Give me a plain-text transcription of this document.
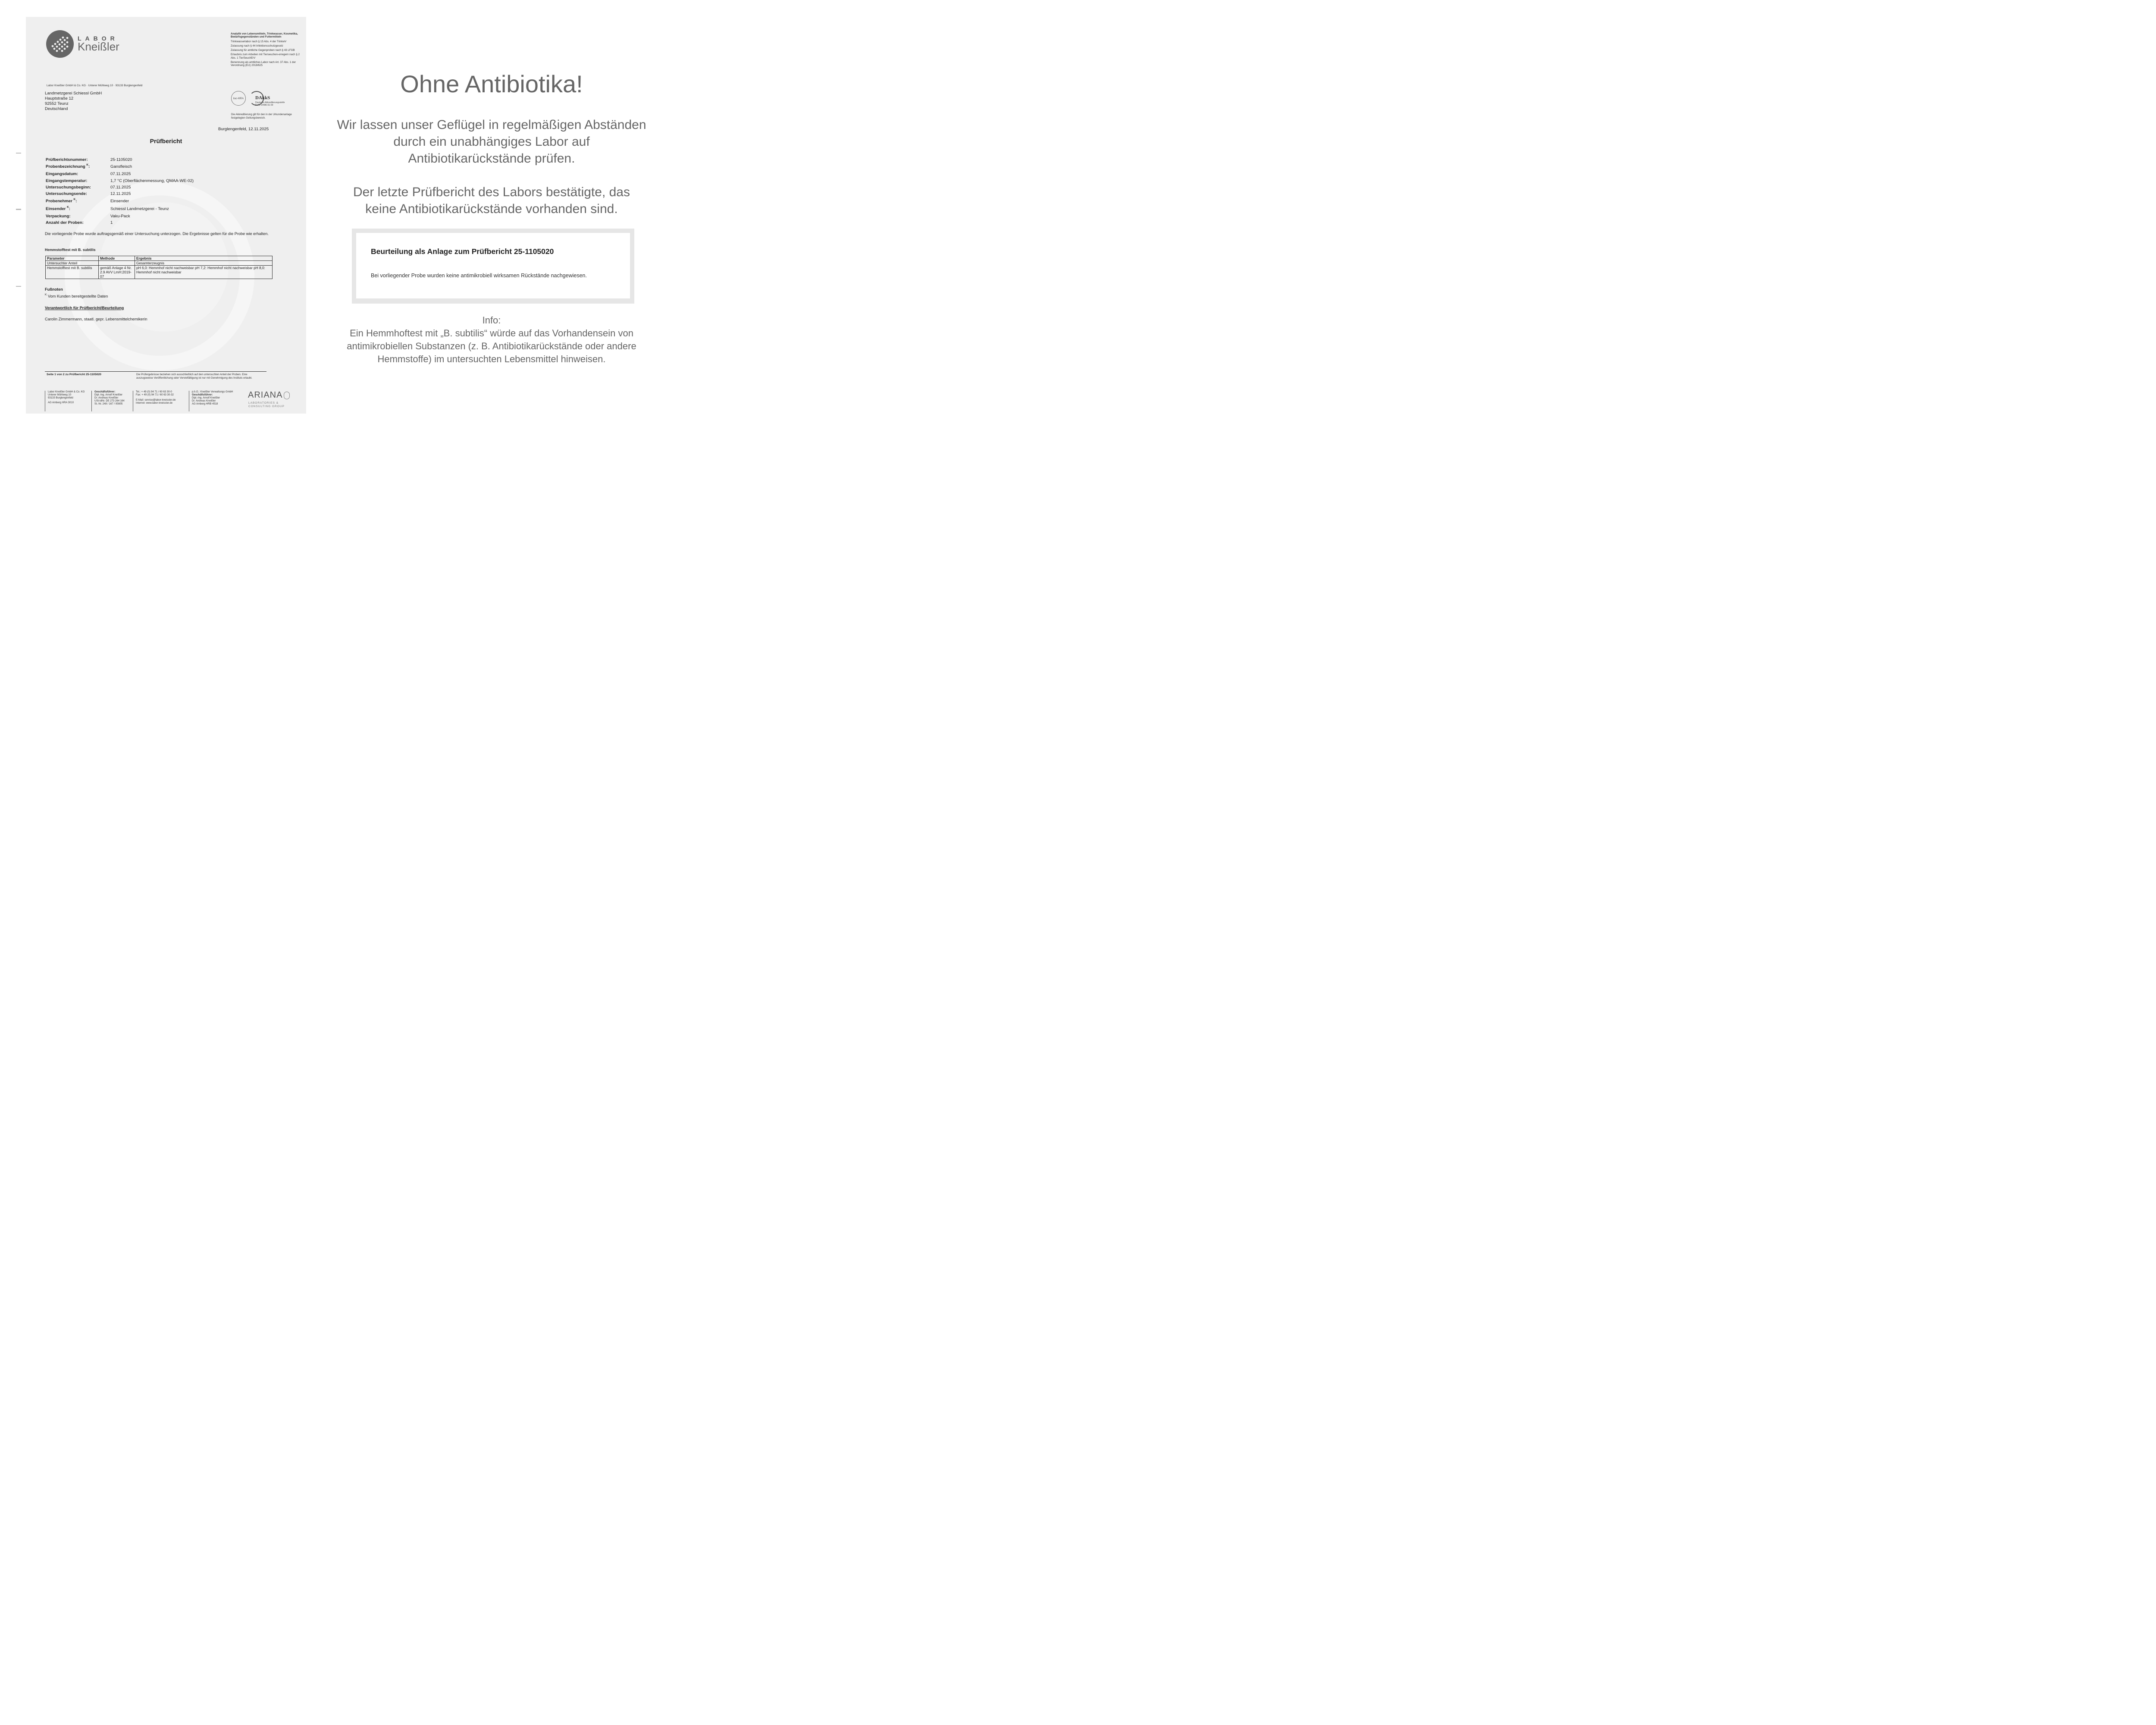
LABOR
Kneißler

Analytik von Lebensmitteln, Trinkwasser, Kosmetika, Bedarfsgegenständen und Futtermitteln

Trinkwasserlabor nach § 15 Abs. 4 der TrinkwV

Zulassung nach § 44 Infektionsschutzgesetz

Zulassung für amtliche Gegenproben nach § 43 LFGB

Erlaubnis zum Arbeiten mit Tierseuchen-erregern nach § 2 Abs. 1 TierSeuchErV

Benennung als amtliches Labor nach Art. 37 Abs. 1 der Verordnung (EU) 2018/625

ilac-MRA	DAkkS
Deutsche Akkreditierungsstelle D-PL-14486-01-00
Die Akkreditierung gilt für den in der Urkundenanlage festgelegten Geltungsbereich.
Labor Kneißler GmbH & Co. KG · Unterer Mühlweg 10 · 93133 Burglengenfeld
Landmetzgerei Schiessl GmbH
Hauptstraße 12
92552 Teunz
Deutschland
Burglengenfeld, 12.11.2025
Prüfbericht
Prüfberichtsnummer:	25-1105020
Probenbezeichnung $^K$:	Gansfleisch
Eingangsdatum:	07.11.2025
Eingangstemperatur:	1,7 °C (Oberflächenmessung, QMAA-WE-02)
Untersuchungsbeginn:	07.11.2025
Untersuchungsende:	12.11.2025
Probenehmer $^K$:	Einsender
Einsender $^K$:	Schiessl Landmetzgerei - Teunz
Verpackung:	Vaku-Pack
Anzahl der Proben:	1
Die vorliegende Probe wurde auftragsgemäß einer Untersuchung unterzogen. Die Ergebnisse gelten für die Probe wie erhalten.
Hemmstofftest mit B. subtilis
Parameter	Methode	Ergebnis
Untersuchter Anteil		Gesamterzeugnis
Hemmstofftest mit B. subtilis	gemäß Anlage 4 Nr. 2.9 AVV LmH:2019-07	pH 6,0: Hemmhof nicht nachweisbar pH 7,2: Hemmhof nicht nachweisbar pH 8,0: Hemmhof nicht nachweisbar
Fußnoten
$^K$ Vom Kunden bereitgestellte Daten
Verantwortlich für Prüfbericht/Beurteilung
Carolin Zimmermann, staatl. gepr. Lebensmittelchemikerin
Seite 1 von 2 zu Prüfbericht 25-1105020	Die Prüfergebnisse beziehen sich ausschließlich auf den untersuchten Anteil der Proben. Eine auszugsweise Veröffentlichung oder Vervielfältigung ist nur mit Genehmigung des Instituts erlaubt.
Labor Kneißler GmbH & Co. KG
Unterer Mühlweg 10
93133 Burglengenfeld
AG Amberg HRA 3010
Geschäftsführer:
Dipl.-Ing. Arnolf Kneißler
Dr. Andreas Kneißler
USt-IdNr. DE 273 264 164
St.-Nr. 248 / 167 / 00805
Tel.: + 49 (0) 94 71 / 60 63 30-0
Fax: + 49 (0) 94 71 / 60 63 30-32
E-Mail: service@labor-kneissler.de
Internet: www.labor-kneissler.de
p.h.G.: Kneißler Verwaltungs GmbH
Geschäftsführer:
Dipl.-Ing. Arnolf Kneißler
Dr. Andreas Kneißler
AG Amberg HRB 4518
ARIANA
LABORATORIES &
CONSULTING GROUP
Ohne Antibiotika!
Wir lassen unser Geflügel in regelmäßigen Abständen durch ein unabhängiges Labor auf Antibiotikarückstände prüfen.
Der letzte Prüfbericht des Labors bestätigte, das keine Antibiotikarückstände vorhanden sind.
Beurteilung als Anlage zum Prüfbericht 25-1105020
Bei vorliegender Probe wurden keine antimikrobiell wirksamen Rückstände nachgewiesen.
Info:
Ein Hemmhoftest mit „B. subtilis“ würde auf das Vorhandensein von antimikrobiellen Substanzen (z. B. Antibiotikarückstände oder andere Hemmstoffe) im untersuchten Lebensmittel hinweisen.
